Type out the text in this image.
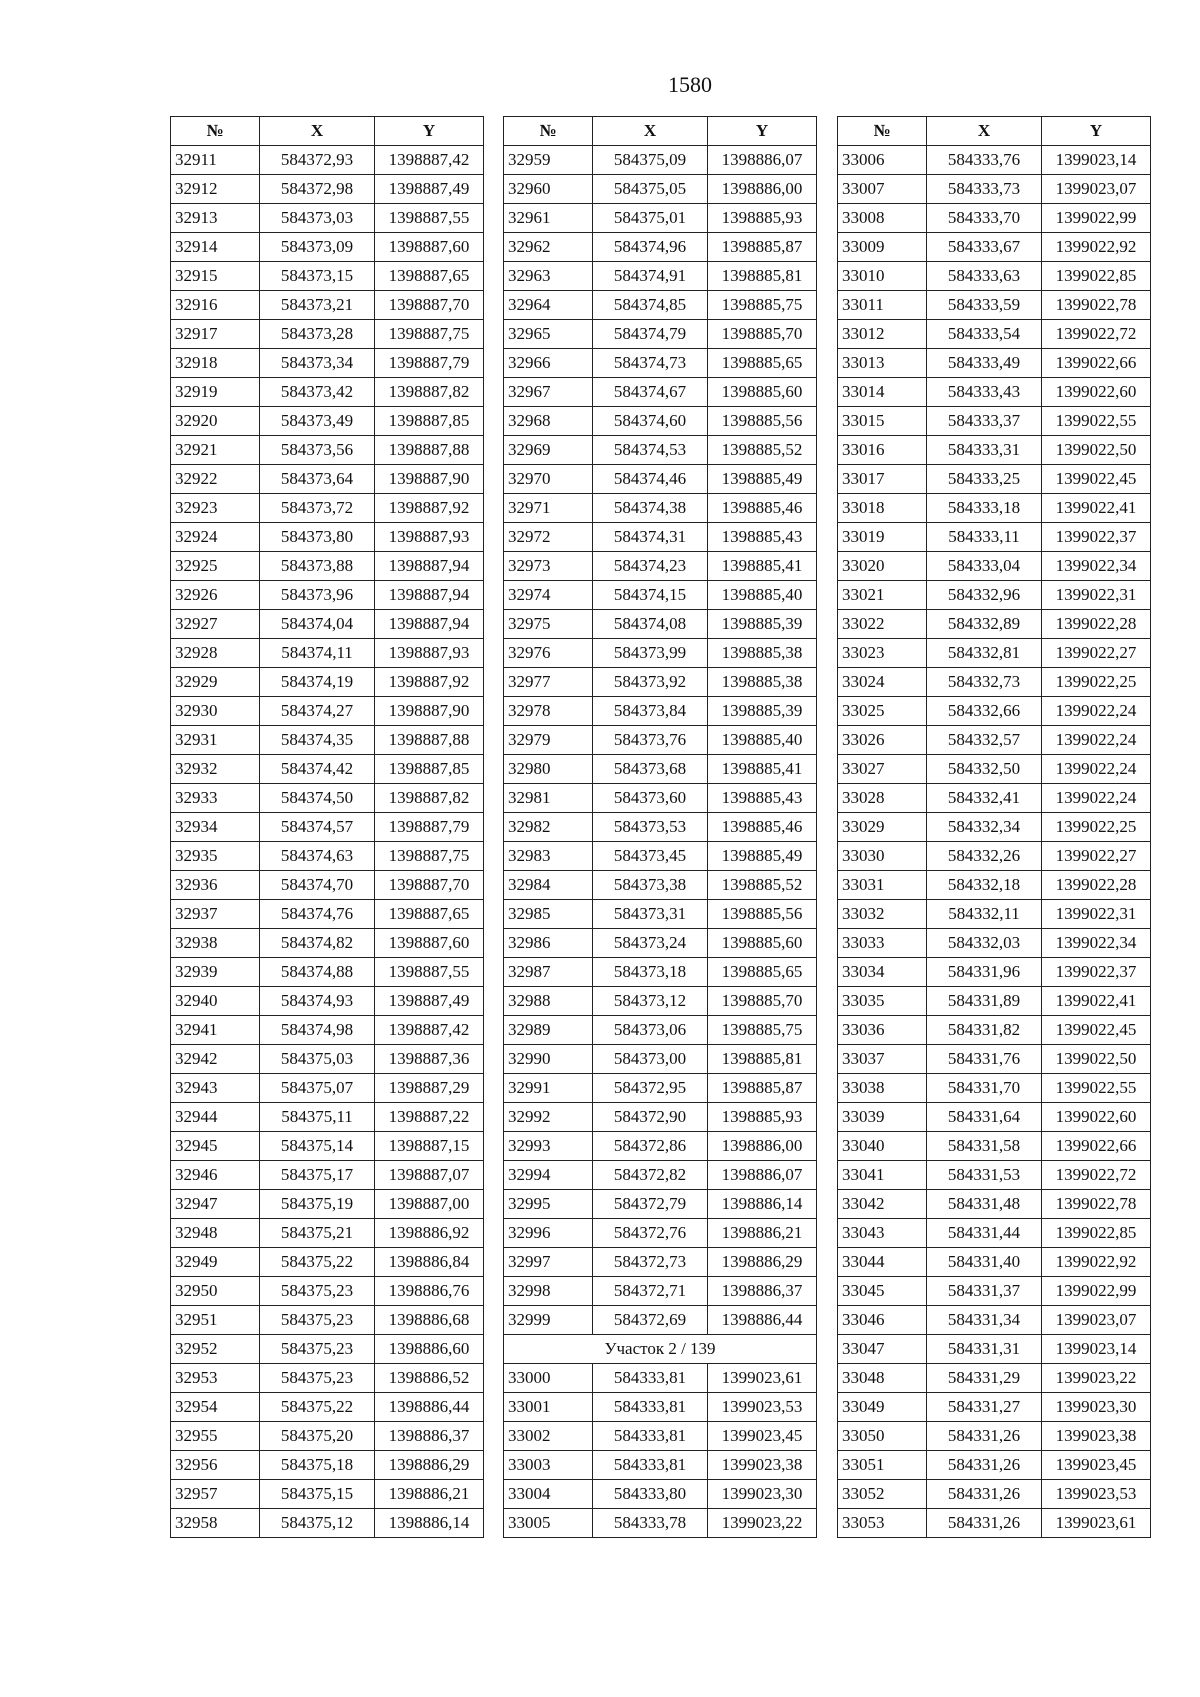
1580
№	X	Y
32911	584372,93	1398887,42
32912	584372,98	1398887,49
32913	584373,03	1398887,55
32914	584373,09	1398887,60
32915	584373,15	1398887,65
32916	584373,21	1398887,70
32917	584373,28	1398887,75
32918	584373,34	1398887,79
32919	584373,42	1398887,82
32920	584373,49	1398887,85
32921	584373,56	1398887,88
32922	584373,64	1398887,90
32923	584373,72	1398887,92
32924	584373,80	1398887,93
32925	584373,88	1398887,94
32926	584373,96	1398887,94
32927	584374,04	1398887,94
32928	584374,11	1398887,93
32929	584374,19	1398887,92
32930	584374,27	1398887,90
32931	584374,35	1398887,88
32932	584374,42	1398887,85
32933	584374,50	1398887,82
32934	584374,57	1398887,79
32935	584374,63	1398887,75
32936	584374,70	1398887,70
32937	584374,76	1398887,65
32938	584374,82	1398887,60
32939	584374,88	1398887,55
32940	584374,93	1398887,49
32941	584374,98	1398887,42
32942	584375,03	1398887,36
32943	584375,07	1398887,29
32944	584375,11	1398887,22
32945	584375,14	1398887,15
32946	584375,17	1398887,07
32947	584375,19	1398887,00
32948	584375,21	1398886,92
32949	584375,22	1398886,84
32950	584375,23	1398886,76
32951	584375,23	1398886,68
32952	584375,23	1398886,60
32953	584375,23	1398886,52
32954	584375,22	1398886,44
32955	584375,20	1398886,37
32956	584375,18	1398886,29
32957	584375,15	1398886,21
32958	584375,12	1398886,14
№	X	Y
32959	584375,09	1398886,07
32960	584375,05	1398886,00
32961	584375,01	1398885,93
32962	584374,96	1398885,87
32963	584374,91	1398885,81
32964	584374,85	1398885,75
32965	584374,79	1398885,70
32966	584374,73	1398885,65
32967	584374,67	1398885,60
32968	584374,60	1398885,56
32969	584374,53	1398885,52
32970	584374,46	1398885,49
32971	584374,38	1398885,46
32972	584374,31	1398885,43
32973	584374,23	1398885,41
32974	584374,15	1398885,40
32975	584374,08	1398885,39
32976	584373,99	1398885,38
32977	584373,92	1398885,38
32978	584373,84	1398885,39
32979	584373,76	1398885,40
32980	584373,68	1398885,41
32981	584373,60	1398885,43
32982	584373,53	1398885,46
32983	584373,45	1398885,49
32984	584373,38	1398885,52
32985	584373,31	1398885,56
32986	584373,24	1398885,60
32987	584373,18	1398885,65
32988	584373,12	1398885,70
32989	584373,06	1398885,75
32990	584373,00	1398885,81
32991	584372,95	1398885,87
32992	584372,90	1398885,93
32993	584372,86	1398886,00
32994	584372,82	1398886,07
32995	584372,79	1398886,14
32996	584372,76	1398886,21
32997	584372,73	1398886,29
32998	584372,71	1398886,37
32999	584372,69	1398886,44
Участок 2 / 139		
33000	584333,81	1399023,61
33001	584333,81	1399023,53
33002	584333,81	1399023,45
33003	584333,81	1399023,38
33004	584333,80	1399023,30
33005	584333,78	1399023,22
№	X	Y
33006	584333,76	1399023,14
33007	584333,73	1399023,07
33008	584333,70	1399022,99
33009	584333,67	1399022,92
33010	584333,63	1399022,85
33011	584333,59	1399022,78
33012	584333,54	1399022,72
33013	584333,49	1399022,66
33014	584333,43	1399022,60
33015	584333,37	1399022,55
33016	584333,31	1399022,50
33017	584333,25	1399022,45
33018	584333,18	1399022,41
33019	584333,11	1399022,37
33020	584333,04	1399022,34
33021	584332,96	1399022,31
33022	584332,89	1399022,28
33023	584332,81	1399022,27
33024	584332,73	1399022,25
33025	584332,66	1399022,24
33026	584332,57	1399022,24
33027	584332,50	1399022,24
33028	584332,41	1399022,24
33029	584332,34	1399022,25
33030	584332,26	1399022,27
33031	584332,18	1399022,28
33032	584332,11	1399022,31
33033	584332,03	1399022,34
33034	584331,96	1399022,37
33035	584331,89	1399022,41
33036	584331,82	1399022,45
33037	584331,76	1399022,50
33038	584331,70	1399022,55
33039	584331,64	1399022,60
33040	584331,58	1399022,66
33041	584331,53	1399022,72
33042	584331,48	1399022,78
33043	584331,44	1399022,85
33044	584331,40	1399022,92
33045	584331,37	1399022,99
33046	584331,34	1399023,07
33047	584331,31	1399023,14
33048	584331,29	1399023,22
33049	584331,27	1399023,30
33050	584331,26	1399023,38
33051	584331,26	1399023,45
33052	584331,26	1399023,53
33053	584331,26	1399023,61
